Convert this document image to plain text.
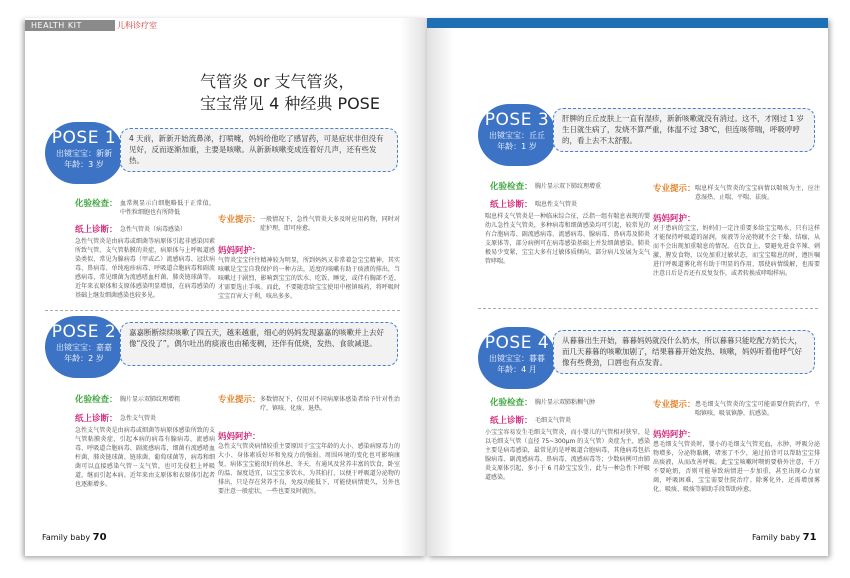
HEALTH KIT	儿科诊疗室
气管炎 or 支气管炎，
宝宝常见 4 种经典 POSE
POSE 1
出镜宝宝：新新
年龄：3 岁
4 天前，新新开始流鼻涕，打喷嚏，妈妈给他吃了感冒药，可是症状非但没有见好，反而逐渐加重，主要是咳嗽。从新新咳嗽变成连着好几声，还有些发热。
化验检查： 血常规显示白细胞略低于正常值，中性粒细胞也有所降低
纸上诊断： 急性气管炎（病毒感染）
急性气管炎是由病毒或细菌等病原体引起非感染因素所致气管、支气管粘膜的炎症，病原体与上呼吸道感染类似，常见为腺病毒（甲或乙）流感病毒、冠状病毒、鼻病毒、单纯疱疹病毒、呼吸道合胞病毒和副流感病毒，常见细菌为流感嗜血杆菌、肺炎链球菌等。近年来衣原体和支原体感染明显增加，在病毒感染的基础上继发细菌感染也较多见。
专业提示： 一般情况下，急性气管炎大多及时应用药物，同时对症护理，即可痊愈。
妈妈阿护：
气管炎宝宝往往精神较为明显，所到妈妈又非常着急宝宝精神，其实咳嗽是宝宝自我保护的一种方法，适度的咳嗽有助于痰液的排出，当咳嗽过于剧烈，影响到宝宝的饮水、吃饭、睡觉，或伴有胸部不适，才需要选止手咳。而此，不要随意给宝宝使用中枢镇咳药，将呼吸时宝宝百害大于利，咳出多多。
POSE 2
出镜宝宝：嘉嘉
年龄：2 岁
嘉嘉断断续续咳嗽了四五天，越来越重，细心的妈妈发现嘉嘉的咳嗽并上去好像“没没了”，偶尔吐出的痰液也由稀变稠，还伴有低烧，发热、食欲减退。
化验检查： 胸片显示双肺纹理增粗
纸上诊断： 急性支气管炎
急性支气管炎是由病毒或细菌等病原体感染所致的支气管粘膜炎症，引起本病的病毒有腺病毒、流感病毒、呼吸道合胞病毒、副流感病毒，细菌有流感嗜血杆菌、肺炎链球菌、链球菌、葡萄球菌等，病毒和细菌可以直接感染气管－支气管，也可先侵犯上呼吸道，继而引起本病。近年来由支原体和衣原体引起者也逐渐增多。
专业提示： 多数情况下，仅用对不同病原体感染者给予针对性治疗，镇咳、化痰、退热。
妈妈阿护：
急性支气管炎病情较重主要原因于宝宝年龄的大小、感染病原毒力的大小、身体素质好坏和免疫力的强弱。周围环境的变化也可影响康复，病体宝宝能很好的休息，冬天，有通风及营养丰富的饮食，卧室的温、湿度适宜，以宝宝多饮水，为其拍打，以便于呼吸道分泌物的排出，只是存在营养不良，免疫功能低下，可能使病情更久，另外也要注意一般症状，一些也要及时就医。
POSE 3
出镜宝宝：丘丘
年龄：1 岁
肝脾的丘丘皮肤上一直有湿疹，新新咳嗽就没有消过。这不，才刚过 1 岁生日就生病了，发烧不算严重，体温不过 38℃，但连咳带喘，呼吸哼哼的，看上去不太舒服。
化验检查： 胸片显示双下肺纹理增重
纸上诊断： 喘息性支气管炎
喘息样支气管炎是一种临床综合征，泛指一组有喘息表现的婴幼儿急性支气管炎，多种病毒和细菌感染均可引起，较常见的有合胞病毒、副流感病毒、流感病毒、腺病毒、鼻病毒及肺炎支原体等，部分病例可在病毒感染基础上并发细菌感染。肺炎极易少变紧，宝宝大多有过敏体质倾向，部分病儿发展为支气管哮喘。
专业提示： 喘息样支气管炎的宝宝病情以喘咳为主，应注意湿热、止喘、平喘、祛痰。
妈妈阿护：
对于患病的宝宝，妈妈们一定注重要多给宝宝喝水，只有这样才能保持呼吸道的湿润，痰液等分泌物就不会干燥、结痂，从而不会出现加重喘息的情况。在饮食上，要避免进食辛辣、刺激，腥发食物，以免加重过敏状态，而宝宝喘息的时，遵医嘱进行呼吸道雾化将有助于明显的作用，那使病情缓解，也需要注意日后是否还有反复发作，或者转换成哮喘样病。
POSE 4
出镜宝宝：暮暮
年龄：4 月
从暮暮出生开始，暮暮妈妈就没什么奶水，所以暮暮只能吃配方奶长大，而几天暮暮的咳嗽加剧了，结果暮暮开始发热、咳嗽，妈妈听着他呼气好像有些费劲，口唇也有点发青。
化验检查： 胸片显示双肺粘稠气肿
纸上诊断： 毛细支气管炎
小宝宝容易发生毛细支气管炎，而小婴儿的气管相对狭窄，是以毛细支气管（直径 75~300μm 的支气管）炎症为主，感染主要是病毒感染，最常见的是呼吸道合胞病毒，其他病毒包括腺病毒、副流感病毒、鼻病毒、流感病毒等；少数病例可由肺炎支原体引起，多小于 6 月龄宝宝发生，此与一种急性下呼吸道感染。
专业提示： 患毛细支气管炎的宝宝可能需要住院治疗，平喘镇咳，吸氧镇静，抗感染。
妈妈阿护：
患毛细支气管炎时，婴小的毛细支气管充血，水肿，呼吸分泌物增多，分泌物黏稠，堵塞了不少，通过拍背可以帮助宝宝排出痰液，从而改善呼吸。此宝宝咳嗽时喂奶要格外注意，千万不要呛奶，否则可能导致病情进一步加重，甚至出现心力衰竭，呼吸困难，宝宝需要住院治疗。除雾化外，还需增加雾化、吸痰、吸痰等辅助手段帮助痊愈。
Family baby 70	Family baby 71
